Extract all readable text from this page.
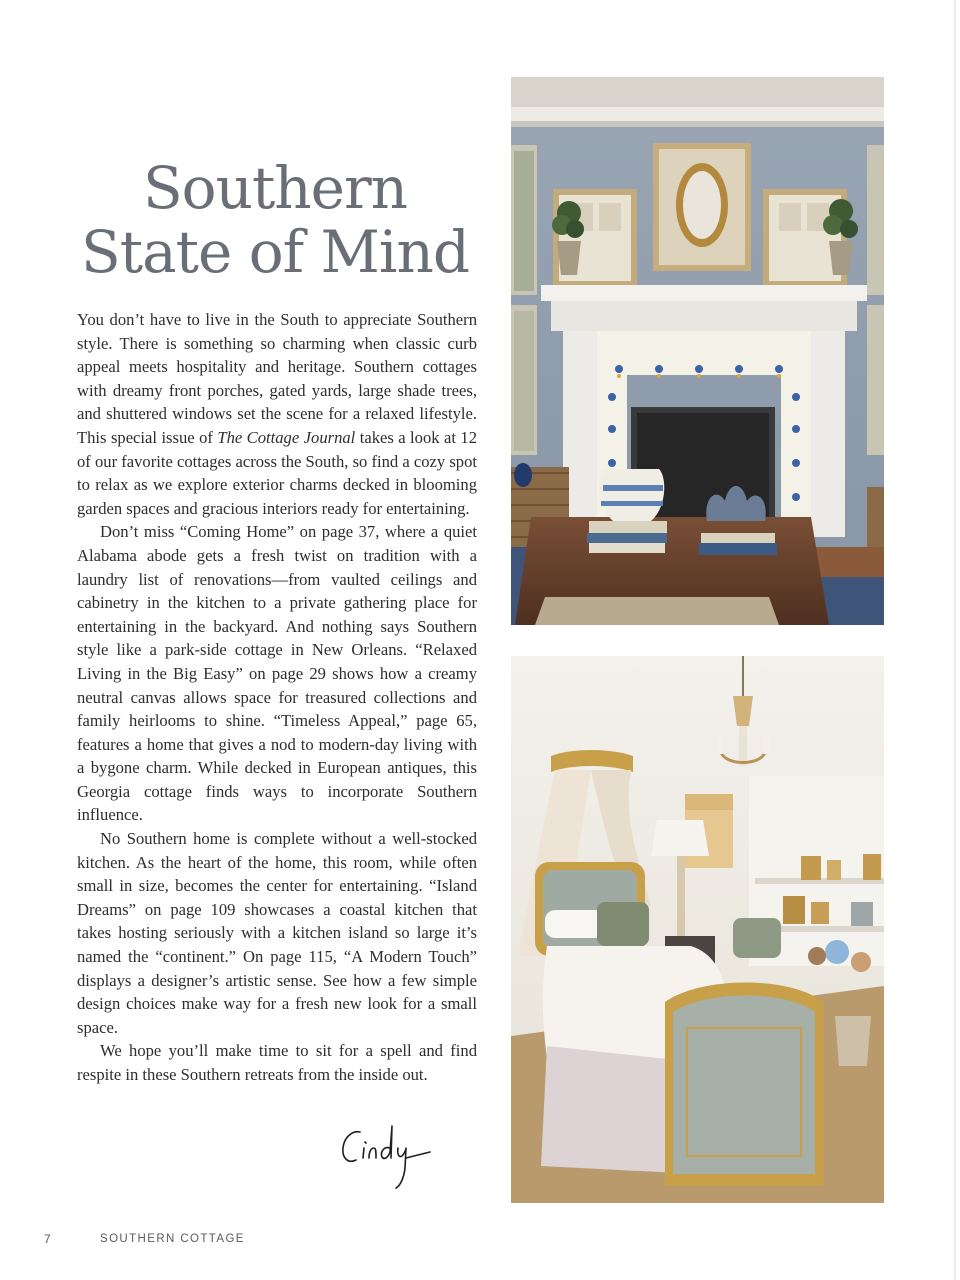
Southern
State of Mind

You don’t have to live in the South to appreciate Southern style. There is something so charming when classic curb appeal meets hospitality and heritage. Southern cottages with dreamy front porches, gated yards, large shade trees, and shuttered windows set the scene for a relaxed lifestyle. This special issue of The Cottage Journal takes a look at 12 of our favorite cottages across the South, so find a cozy spot to relax as we explore exterior charms decked in blooming garden spaces and gracious interiors ready for entertaining.

Don’t miss “Coming Home” on page 37, where a quiet Alabama abode gets a fresh twist on tradition with a laundry list of renovations—from vaulted ceilings and cabinetry in the kitchen to a private gathering place for entertaining in the backyard. And nothing says Southern style like a park-side cottage in New Orleans. “Relaxed Living in the Big Easy” on page 29 shows how a creamy neutral canvas allows space for treasured collections and family heirlooms to shine. “Timeless Appeal,” page 65, features a home that gives a nod to modern-day living with a bygone charm. While decked in European antiques, this Georgia cottage finds ways to incorporate Southern influence.

No Southern home is complete without a well-stocked kitchen. As the heart of the home, this room, while often small in size, becomes the center for entertaining. “Island Dreams” on page 109 showcases a coastal kitchen that takes hosting seriously with a kitchen island so large it’s named the “continent.” On page 115, “A Modern Touch” displays a designer’s artistic sense. See how a few simple design choices make way for a fresh new look for a small space.

We hope you’ll make time to sit for a spell and find respite in these Southern retreats from the inside out.

7	SOUTHERN COTTAGE
